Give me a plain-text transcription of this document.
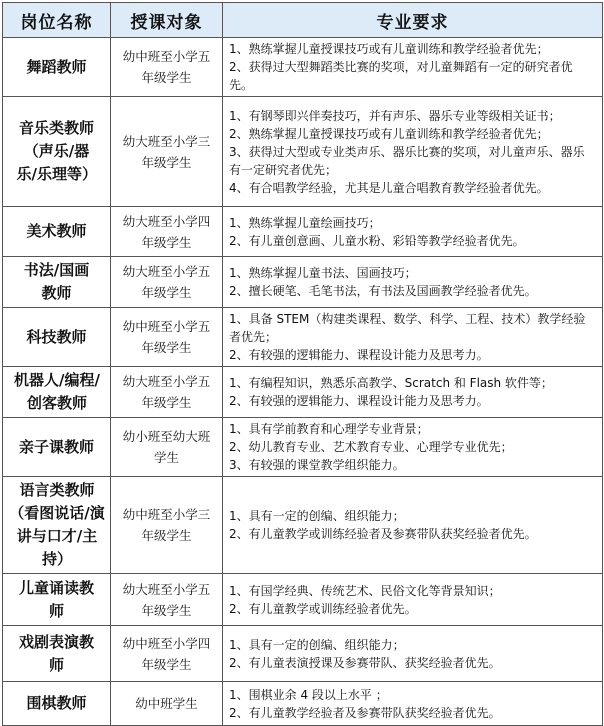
岗位名称	授课对象	专业要求

舞蹈教师	幼中班至小学五年级学生	1、熟练掌握儿童授课技巧或有儿童训练和教学经验者优先；
2、获得过大型舞蹈类比赛的奖项，对儿童舞蹈有一定的研究者优先。

音乐类教师（声乐/器乐/乐理等）	幼大班至小学三年级学生	1、有钢琴即兴伴奏技巧，并有声乐、器乐专业等级相关证书；
2、熟练掌握儿童授课技巧或有儿童训练和教学经验者优先；
3、获得过大型或专业类声乐、器乐比赛的奖项，对儿童声乐、器乐有一定研究者优先；
4、有合唱教学经验，尤其是儿童合唱教育教学经验者优先。

美术教师	幼大班至小学四年级学生	1、熟练掌握儿童绘画技巧；
2、有儿童创意画、儿童水粉、彩铅等教学经验者优先。

书法/国画教师	幼大班至小学五年级学生	1、熟练掌握儿童书法、国画技巧；
2、擅长硬笔、毛笔书法，有书法及国画教学经验者优先。

科技教师	幼中班至小学五年级学生	1、具备 STEM（构建类课程、数学、科学、工程、技术）教学经验者优先；
2、有较强的逻辑能力、课程设计能力及思考力。

机器人/编程/创客教师	幼大班至小学五年级学生	1、有编程知识，熟悉乐高教学、Scratch 和 Flash 软件等；
2、有较强的逻辑能力、课程设计能力及思考力。

亲子课教师	幼小班至幼大班学生	1、具有学前教育和心理学专业背景；
2、幼儿教育专业、艺术教育专业、心理学专业优先；
3、有较强的课堂教学组织能力。

语言类教师（看图说话/演讲与口才/主持）	幼中班至小学三年级学生	1、具有一定的创编、组织能力；
2、有儿童教学或训练经验者及参赛带队获奖经验者优先。

儿童诵读教师	幼大班至小学五年级学生	1、有国学经典、传统艺术、民俗文化等背景知识；
2、有儿童教学或训练经验者优先。

戏剧表演教师	幼中班至小学四年级学生	1、具有一定的创编、组织能力；
2、有儿童表演授课及参赛带队、获奖经验者优先。

围棋教师	幼中班学生	1、围棋业余 4 段以上水平 ；
2、有儿童教学经验者及参赛带队获奖经验者优先。
